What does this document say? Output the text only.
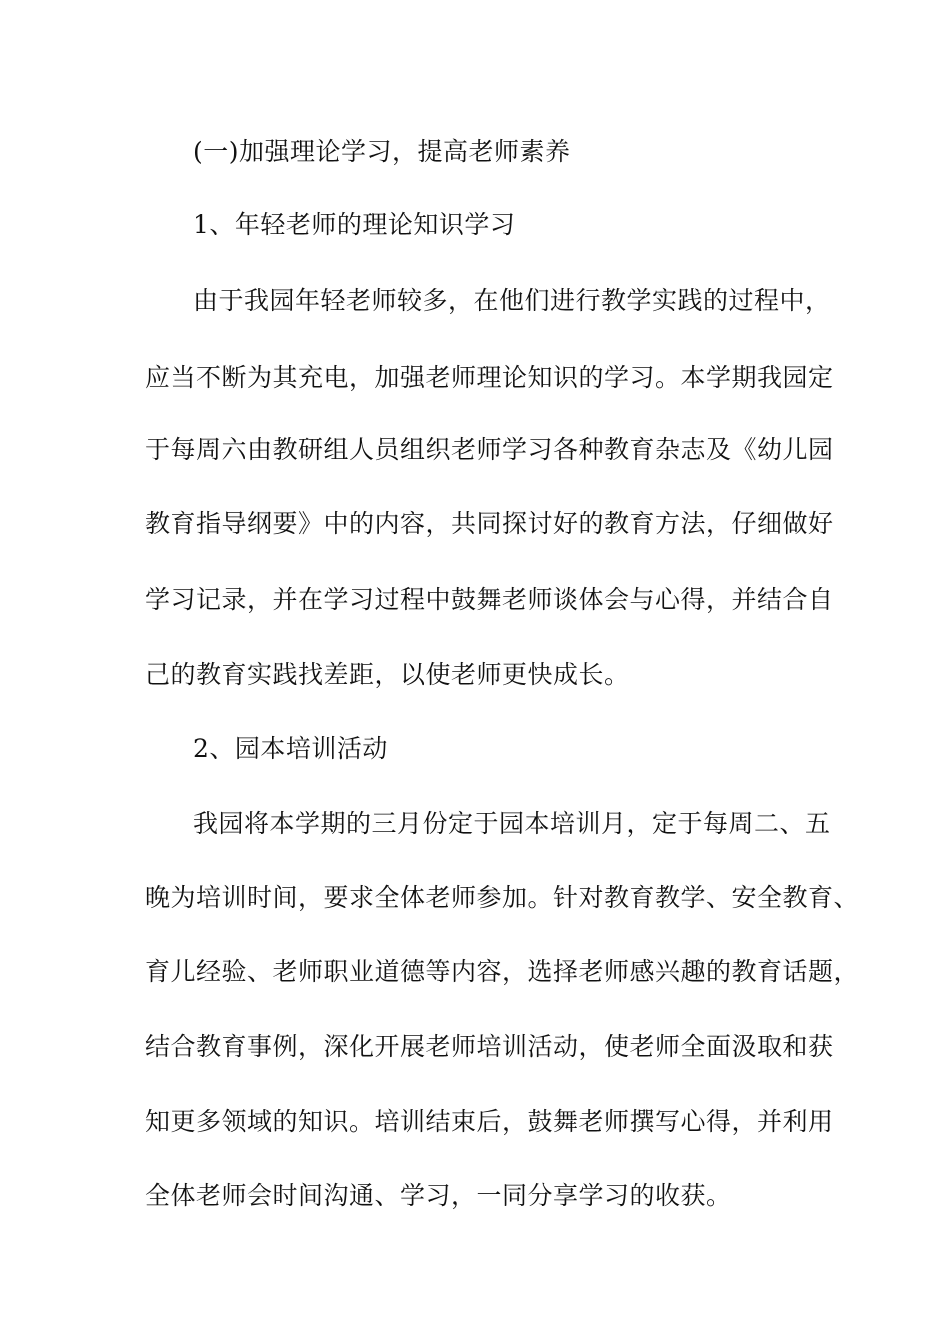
(一)加强理论学习，提高老师素养
1、年轻老师的理论知识学习
由于我园年轻老师较多，在他们进行教学实践的过程中，
应当不断为其充电，加强老师理论知识的学习。本学期我园定
于每周六由教研组人员组织老师学习各种教育杂志及《幼儿园
教育指导纲要》中的内容，共同探讨好的教育方法，仔细做好
学习记录，并在学习过程中鼓舞老师谈体会与心得，并结合自
己的教育实践找差距，以使老师更快成长。
2、园本培训活动
我园将本学期的三月份定于园本培训月，定于每周二、五
晚为培训时间，要求全体老师参加。针对教育教学、安全教育、
育儿经验、老师职业道德等内容，选择老师感兴趣的教育话题，
结合教育事例，深化开展老师培训活动，使老师全面汲取和获
知更多领域的知识。培训结束后，鼓舞老师撰写心得，并利用
全体老师会时间沟通、学习，一同分享学习的收获。
